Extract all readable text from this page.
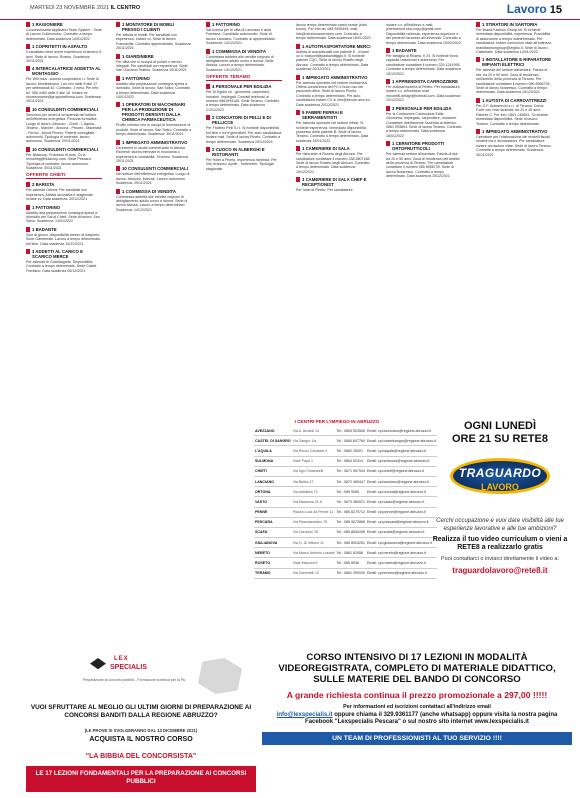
MARTEDÌ 23 NOVEMBRE 2021 IL CENTRO	Lavoro 15
1 RAGIONIERE
Concessionaria applicativi Team System - Sede di Lavoro Collecorvino. Contratto a tempo determinato. Data scadenza 14/01/2022
1 COPRITETTI IN ASFALTO
Il candidato deve avere esperienza di almeno 5 anni. Sede di lavoro: Roseto. Scadenza: 30/11/2021
4 INTERCALATRICE ADDETTA AL MONTAGGIO
Per Wifi rosa - società cooperativa r.l. Sede di lavoro: Montesilvano. Lun-ven dalle 8 alle 17 per settimanali 40. Contratto: 3 mesi. Per info: tel. 085 4460 dalle 9 alle 16. Inviare cv: risorseumane@gruppowifirosa.com. Scadenza: 30/11/2021
10 CONSULENTI COMMERCIALI
Selezioni per centri di un'azienda del settore dell'efficienza energetica. Persona formativa. Luogo di lavoro: Abruzzo - Chieti - L'Aquila - Teramo - Marche - Ancona - Pesaro - Macerata - Fermo - Ascoli Piceno. Patenti consigliate: automuniti. Tipologia di contratto: lavoro autonomo. Scadenza: 29/11/2021
10 CONSULENTI COMMERCIALI
Per Nidacorp. Processo di auto. Cv a: recruiting@nidacorp.com. Sede Pescara. Tipologia di contratto: lavoro autonomo. Scadenza: 30/11/2021
OFFERTE CHIETI
2 BARISTA
Per azienda Ortona. Per candidati con esperienza. Attività lavorativa è stagionale. Inviare cv. Data scadenza: 20/12/2021
1 FATTORINO
Addetto alla preparazione consegna spesa a domicilio per Sai di Chieti. Sede di lavoro: San Salvo. Scadenza: 14/01/2022
1 BADANTE
Solo di giorno, disponibilità mezzo di trasporto. Sede Gamberale. Lavoro a tempo determinato full time. Data scadenza 15/12/2021
3 ADDETTI AL CARICO E SCARICO MERCE
Per azienda di Guardiagrele. Disponibilità. Contratto a tempo determinato. Sede Castel Frentano. Data scadenza 05/12/2021
1 MONTATORE DI MOBILI PRESSO I CLIENTI
Per attività di mobili. Per candidati con esperienza. Inviare cv. Sede di lavoro Francavilla. Contratto apprendistato. Scadenza 25/11/2021
1 GIARDINIERE
Per ditta che si occupa di pulizie e servizi integrati. Per candidati con esperienza. Sede: San Giovanni Teatino. Scadenza 15/11/2021
1 FATTORINO
Addetto alla preparazione consegna spesa a domicilio. Sede di lavoro: San Salvo. Contratto a tempo determinato. Data scadenza 14/01/2022
1 OPERATORI DI MACCHINARI PER LA PRODUZIONE DI PRODOTTI DERIVATI DALLA CHIMICA FARMACEUTICA
Profilo chimico che si occupi di formulazione di prodotti. Sede di lavoro: San Salvo. Contratto a tempo determinato. Scadenza: 30/11/2021
1 IMPIEGATO AMMINISTRATIVO
Da inserire in studio commerciale in Atessa. Richiesti: laurea triennale in economia o esperienza in contabilità. Tirocinio. Scadenza 29/11/2021
10 CONSULENTI COMMERCIALI
Nel settore dell'efficienza energetica. Luogo di lavoro: Abruzzo, Marche. Lavoro autonomo. Scadenza: 29/11/2021
1 COMMESSA DI VENDITA
Commessa addetta alle vendite negozio di abbigliamento adulto uomo e donna. Sede di lavoro Atessa. Lavoro a tempo determinato. Scadenza: 14/12/2021
1 FATTORINO
Sai ricerca per le città di Lanciano e area Frentana. Candidato automunito. Sede di lavoro Lanciano. Contratto di apprendistato. Scadenza: 14/12/2021
1 COMMESSA DI VENDITA
Commessa addetta alle vendite negozio di abbigliamento adulto uomo e donna. Sede Atessa. Lavoro a tempo determinato. Scadenza: 14/12/2021
OFFERTE TERAMO
4 PERSONALE PER EDILIZIA
Per Di Egidio srl - geometra, carpentieri, muratori, impiegati. Contatti telefonici al numero 0861994145. Sede Teramo. Contratto a tempo determinato. Data scadenza 21/01/2022
2 CONCIATORI DI PELLI E DI PELLICCE
Per Fruttero Pelli S.r.l. Si richiede disponibilità full time e turni giornalieri. Per auto candidatura inviare mail. Sede di lavoro Pineto. Contratto a tempo determinato. Scadenza 20/12/2021
2 CUOCO IN ALBERGHI E RISTORANTI
Per Hotel a Pineto, esperienza richiesta. Per info di lavoro. Aprile - Settembre. Tipologia: stagionale
lavoro tempo determinato orario serale (tutto tondo). Per info tel. 085 9495494, mail: info@olivetocarservices.com. Contratto a tempo determinato. Data scadenza 18/01/2022
1 AUTOTRASPORTATORE MERCI
Autista di autoarticolati con patente E - inviare cv a: trasporti@pastavaltiggio.it. Si richiede patente CQC. Sede di lavoro Roseto degli Abruzzi. Contratto a tempo determinato. Data scadenza 20/12/2021
1 IMPIEGATO AMMINISTRATIVO
Per azienda operante nel settore multiservizi. Ottima conoscenza del PC e buon uso dei pacchetti office. Sede di lavoro Pineto. Contratto a tempo determinato. Per auto candidatura inviare CV a: info@servizi.arcs.eu. Data scadenza 20/12/2021
5 FABBRI FERRAI E SERRAMENTISTI
Per azienda operante nel settore infissi. Si richiede esperienza. Immediato disponibilità, possesso della patente B. Sede di lavoro Teramo. Contratto a tempo determinato. Data scadenza 14/01/2022
1 CAMERIERE DI SALA
Per ristorante di Roseto degli Abruzzi. Per candidature contattare il numero 338 5807188. Sede di lavoro Roseto degli Abruzzi. Contratto a tempo determinato. Data scadenza: 15/12/2021
3 CAMERIERE DI SALA CHEF E RECEPTIONIST
Per hotel di Pineto. Per candidature
inviare c.v. all'indirizzo e-mail: pinetoresort.sinc.copy@gmail.com. Disponibilità richiesta, esperienza superiore e dei presenti l'accesso all'università. Contratto a tempo determinato. Data scadenza 15/02/2022
1 BADANTE
Per famiglia di Roseto, h 24. Si richiede bona capacità relazionali e autonoma. Per candidature contattare il numero 329 1241995. Contratto a tempo determinato. Data scadenza 15/12/2021
1 APPRENDISTA CARROZZIERE
Per autocarrozzeria di Pineto. Per candidature inviare c.v. all'indirizzo mail: micobelli.design@hotmail.com. Data scadenza 10/12/2021
3 PERSONALE PER EDILIZIA
Per la Costruzioni Costruzione Edile. Geometra, Impiegato, carpentiere, muratore. Contattare direttamente l'azienda al telefono 0861 093804. Sede di lavoro Teramo. Contratto a tempo determinato. Data scadenza 16/01/2022
1 CERNITORE PRODOTTI ORTOFRUTTICOLI
Per azienda settore alimentare. Fascia di età: tra 20 e 50 anni. Zona di residenza nell'ambito della provincia di Teramo. Per candidature contattare il numero 085 8956739. Sede di lavoro Notaresco. Contratto a tempo determinato. Data scadenza 15/12/2021
1 STIRATORI IN SARTORIA
Per Brand Fashion Group srl. Si richiede immediata disponibilità, esperienza. Possibilità di assunzione a tempo indeterminato. Per candidature inviare curriculum vitae all'indirizzo: brandfashiongroup@virgilio.it. Sede di lavoro Castellalto. Data scadenza 14/01/2022
1 INSTALLATORE E RIPARATORE IMPIANTI ELETTRICI
Per azienda del settore alimentare. Fascia di età: tra 20 e 50 anni. Zona di residenza nell'ambito della provincia di Teramo. Per candidature contattare il numero 085 8956739. Sede di lavoro Notaresco. Contratto a tempo determinato. Data scadenza 15/12/2021
1 AUTISTA DI CARROATTREZZI
Per G.F. Autoservizi s.r.l. di Teramo. Cerca Forte con l'età richiesta: tra 20 e 45 anni. Patente C. Per info: 0861 245651. Si richiede immediata disponibilità. Sede di lavoro: Teramo. Contratto a tempo determinato.
1 IMPIEGATO AMMINISTRATIVO
Operatore per l'elaborazione dei modelli fiscali, modelli Iva e dichiarazioni. Per candidature inviare curriculum vitae. Sede di lavoro Teramo. Contratto a tempo determinato. Scadenza: 30/11/2021
I CENTRI PER L'IMPIEGO IN ABRUZZO
AVEZZANO	Via A. Arnaldi 14	Tel.: 0863 503506	Email: cpi.avezzano@regione.abruzzo.it
CASTEL DI SANGRO	Via Sangro 1/a	Tel.: 0864 847764	Email: cpi.castelsangro@regione.abruzzo.it
L'AQUILA	Via Rocco Carabba 4	Tel.: 0862 25001	Email: cpi.laquila@regione.abruzzo.it
SULMONA	Viale Papa 1	Tel.: 0864 52414	Email: cpi.sulmona@regione.abruzzo.it
CHIETI	Via Ugo Chiavarelli	Tel.: 0871 567944	Email: cpi.chieti@regione.abruzzo.it
LANCIANO	Via Bellini 47	Tel.: 0872 465447	Email: cpi.lanciano@regione.abruzzo.it
ORTONA	Via Adriatica 74	Tel.: 085 9065	Email: cpi.ortona@regione.abruzzo.it
VASTO	Via Madonna 31 A	Tel.: 0873 380021	Email: cpi.vasto@regione.abruzzo.it
PENNE	Piazza Luca da Penne 11	Tel.: 085 8279712	Email: cpi.penne@regione.abruzzo.it
PESCARA	Via Passolanciano 75	Tel.: 085 9672888	Email: cpi.pescara@regione.abruzzo.it
SCAFA	Via Carducci 25	Tel.: 085 8540266	Email: cpi.scafa@regione.abruzzo.it
GIULIANOVA	Via G. Di Vittorio 11	Tel.: 085 8004251	Email: cpi.giulianova@regione.abruzzo.it
NERETO	Via Marco Antonio Lusanti	Tel.: 0861 82958	Email: cpi.nereto@regione.abruzzo.it
ROSETO	Viale Marconi 6	Tel.: 085 8936	Email: cpi.roseto@regione.abruzzo.it
TERAMO	Via Gammelli 12	Tel.: 0861 250000	Email: cpi.teramo@regione.abruzzo.it
OGNI LUNEDÌ
ORE 21 SU RETE8
TRAGUARDO
LAVORO
Cerchi occupazione e vuoi dare visibilità alle tue esperienze lavorative e alle tue ambizioni?
Realizza il tuo video curriculum o vieni a RETE8 a realizzarlo gratis
Puoi contattarci o inviarci direttamente il video a:
traguardolavoro@rete8.it
LEX
SPECIALIS
Preparazione ai concorsi pubblici - Formazione continua per la PA
VUOI SFRUTTARE AL MEGLIO GLI ULTIMI GIORNI DI PREPARAZIONE AI CONCORSI BANDITI DALLA REGIONE ABRUZZO?
(LE PROVE SI SVOLGERANNO DAL 13 DICEMBRE 2021)
ACQUISTA IL NOSTRO CORSO
"LA BIBBIA DEL CONCORSISTA"
LE 17 LEZIONI FONDAMENTALI PER LA PREPARAZIONE AI CONCORSI PUBBLICI
CORSO INTENSIVO DI 17 LEZIONI IN MODALITÀ VIDEOREGISTRATA, COMPLETO DI MATERIALE DIDATTICO, SULLE MATERIE DEL BANDO DI CONCORSO
A grande richiesta continua il prezzo promozionale a 297,00 !!!!!
Per informazioni ed iscrizioni contattaci all'indirizzo email
info@lexspecialis.it oppure chiama il 329.9361177 (anche whatsapp) oppure visita la nostra pagina Facebook "Lexspecialis Pescara" o sul nostro sito internet www.lexspecialis.it
UN TEAM DI PROFESSIONISTI AL TUO SERVIZIO !!!!
